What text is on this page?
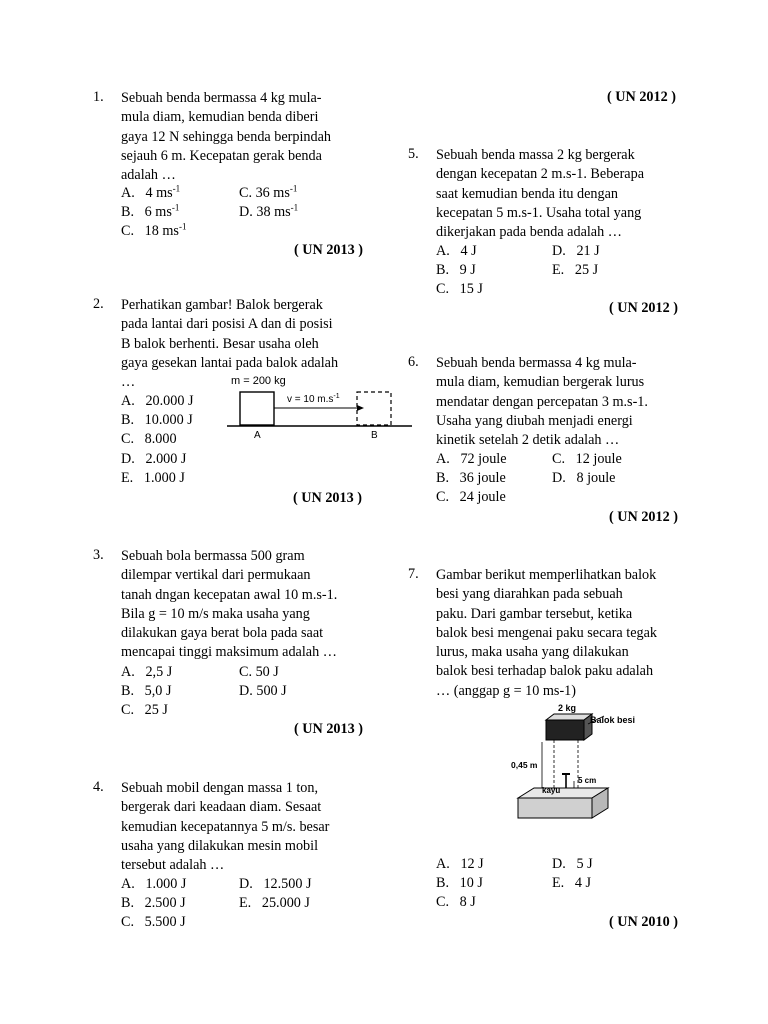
( UN 2012 )
1. Sebuah benda bermassa 4 kg mula-
mula diam, kemudian benda diberi
gaya 12 N sehingga benda berpindah
sejauh 6 m. Kecepatan gerak benda
adalah …
A. 4 $ms^{-1}$	C. 36 $ms^{-1}$
B. 6 $ms^{-1}$	D. 38 $ms^{-1}$
C. 18 $ms^{-1}$
( UN 2013 )
2. Perhatikan gambar! Balok bergerak
pada lantai dari posisi A dan di posisi
B balok berhenti. Besar usaha oleh
gaya gesekan lantai pada balok adalah
…
A. 20.000 J
B. 10.000 J
C. 8.000
D. 2.000 J
E. 1.000 J
m = 200 kg
v = 10 $m.s^{-1}$
A	B
( UN 2013 )
3. Sebuah bola bermassa 500 gram
dilempar vertikal dari permukaan
tanah dngan kecepatan awal 10 m.s-1.
Bila g = 10 m/s maka usaha yang
dilakukan gaya berat bola pada saat
mencapai tinggi maksimum adalah …
A. 2,5 J	C. 50 J
B. 5,0 J	D. 500 J
C. 25 J
( UN 2013 )
4. Sebuah mobil dengan massa 1 ton,
bergerak dari keadaan diam. Sesaat
kemudian kecepatannya 5 m/s. besar
usaha yang dilakukan mesin mobil
tersebut adalah …
A. 1.000 J	D. 12.500 J
B. 2.500 J	E. 25.000 J
C. 5.500 J
5. Sebuah benda massa 2 kg bergerak
dengan kecepatan 2 m.s-1. Beberapa
saat kemudian benda itu dengan
kecepatan 5 m.s-1. Usaha total yang
dikerjakan pada benda adalah …
A. 4 J	D. 21 J
B. 9 J	E. 25 J
C. 15 J
( UN 2012 )
6. Sebuah benda bermassa 4 kg mula-
mula diam, kemudian bergerak lurus
mendatar dengan percepatan 3 m.s-1.
Usaha yang diubah menjadi energi
kinetik setelah 2 detik adalah …
A. 72 joule	C. 12 joule
B. 36 joule	D. 8 joule
C. 24 joule
( UN 2012 )
7. Gambar berikut memperlihatkan balok
besi yang diarahkan pada sebuah
paku. Dari gambar tersebut, ketika
balok besi mengenai paku secara tegak
lurus, maka usaha yang dilakukan
balok besi terhadap balok paku adalah
… (anggap g = 10 ms-1)
2 kg
Balok besi
0,45 m
5 cm
kayu
A. 12 J	D. 5 J
B. 10 J	E. 4 J
C. 8 J
( UN 2010 )
